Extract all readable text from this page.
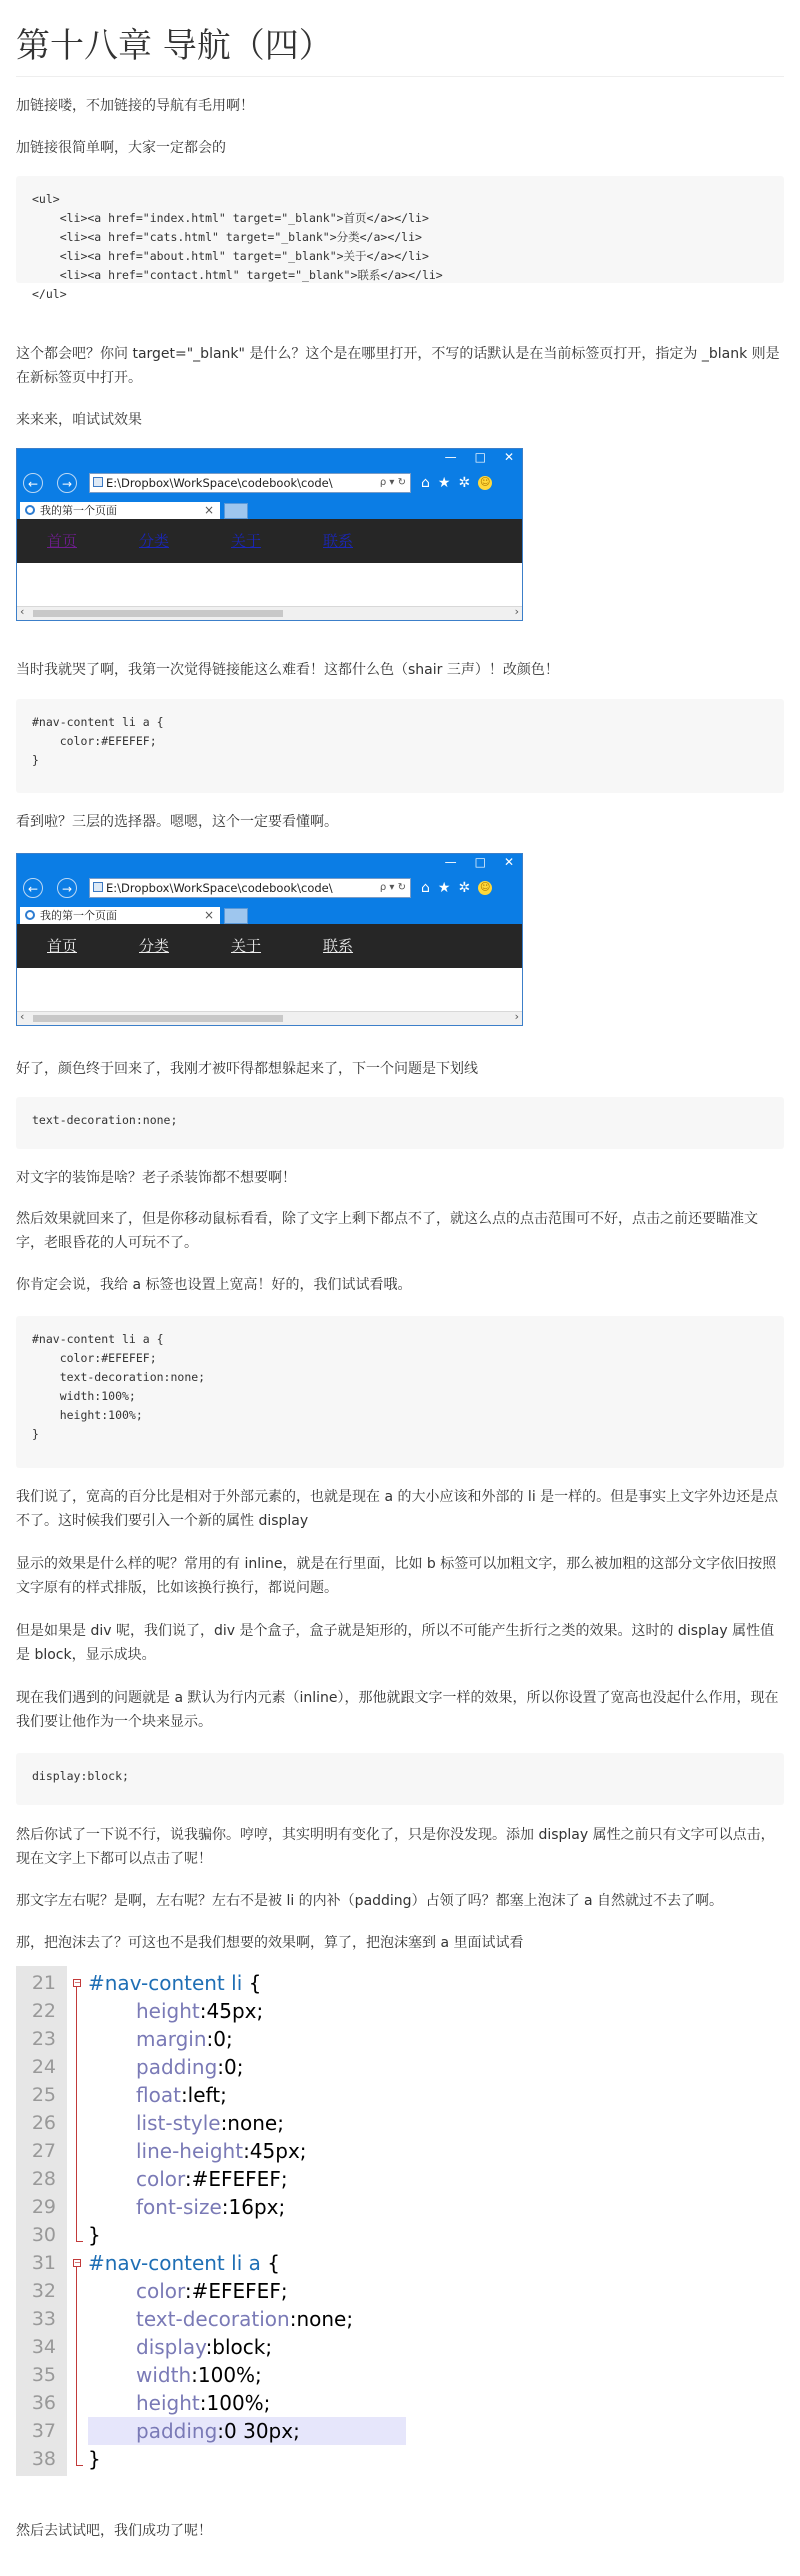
第十八章 导航（四）

加链接喽，不加链接的导航有毛用啊！

加链接很简单啊，大家一定都会的

<ul>
<li><a href="index.html" target="_blank">首页</a></li>
<li><a href="cats.html" target="_blank">分类</a></li>
<li><a href="about.html" target="_blank">关于</a></li>
<li><a href="contact.html" target="_blank">联系</a></li>
</ul>

这个都会吧？你问 target="_blank" 是什么？这个是在哪里打开，不写的话默认是在当前标签页打开，指定为 _blank 则是在新标签页中打开。

来来来，咱试试效果

— □ ✕
←	→	E:\Dropbox\WorkSpace\codebook\code\	ρ ▾ ↻ ⌂ ★ ✲ ☺
我的第一个页面	×
首页	分类	关于	联系
‹	›

当时我就哭了啊，我第一次觉得链接能这么难看！这都什么色（shair 三声）！改颜色！

#nav-content li a {
color:#EFEFEF;
}

看到啦？三层的选择器。嗯嗯，这个一定要看懂啊。

— □ ✕
←	→	E:\Dropbox\WorkSpace\codebook\code\	ρ ▾ ↻ ⌂ ★ ✲ ☺
我的第一个页面	×
首页	分类	关于	联系
‹	›

好了，颜色终于回来了，我刚才被吓得都想躲起来了，下一个问题是下划线

text-decoration:none;

对文字的装饰是啥？老子杀装饰都不想要啊！

然后效果就回来了，但是你移动鼠标看看，除了文字上剩下都点不了，就这么点的点击范围可不好，点击之前还要瞄准文字，老眼昏花的人可玩不了。

你肯定会说，我给 a 标签也设置上宽高！好的，我们试试看哦。

#nav-content li a {
color:#EFEFEF;
text-decoration:none;
width:100%;
height:100%;
}

我们说了，宽高的百分比是相对于外部元素的，也就是现在 a 的大小应该和外部的 li 是一样的。但是事实上文字外边还是点不了。这时候我们要引入一个新的属性 display

显示的效果是什么样的呢？常用的有 inline，就是在行里面，比如 b 标签可以加粗文字，那么被加粗的这部分文字依旧按照文字原有的样式排版，比如该换行换行，都说问题。

但是如果是 div 呢，我们说了，div 是个盒子，盒子就是矩形的，所以不可能产生折行之类的效果。这时的 display 属性值是 block，显示成块。

现在我们遇到的问题就是 a 默认为行内元素（inline），那他就跟文字一样的效果，所以你设置了宽高也没起什么作用，现在我们要让他作为一个块来显示。

display:block;

然后你试了一下说不行，说我骗你。哼哼，其实明明有变化了，只是你没发现。添加 display 属性之前只有文字可以点击，现在文字上下都可以点击了呢！

那文字左右呢？是啊，左右呢？左右不是被 li 的内补（padding）占领了吗？都塞上泡沫了 a 自然就过不去了啊。

那，把泡沫去了？可这也不是我们想要的效果啊，算了，把泡沫塞到 a 里面试试看

−
−
21 #nav-content li {
22	height:45px;
23	margin:0;
24	padding:0;
25	float:left;
26	list-style:none;
27	line-height:45px;
28	color:#EFEFEF;
29	font-size:16px;
30 }
31 #nav-content li a {
32	color:#EFEFEF;
33	text-decoration:none;
34	display:block;
35	width:100%;
36	height:100%;
37	padding:0 30px;
38 }

然后去试试吧，我们成功了呢！
